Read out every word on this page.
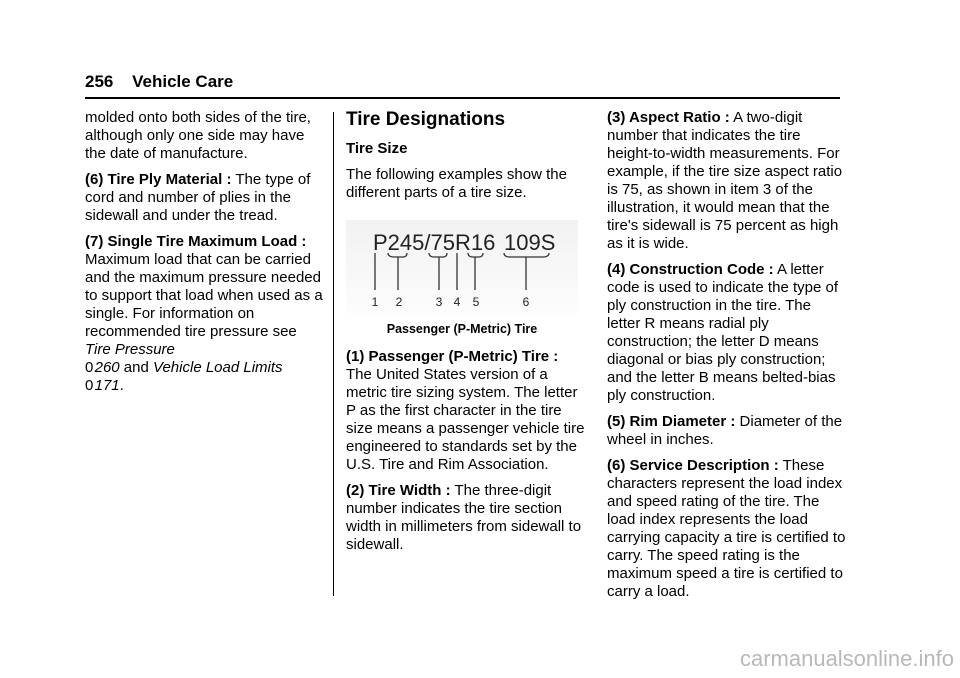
256 Vehicle Care

molded onto both sides of the tire, although only one side may have the date of manufacture.

(6) Tire Ply Material : The type of cord and number of plies in the sidewall and under the tread.

(7) Single Tire Maximum Load : Maximum load that can be carried and the maximum pressure needed to support that load when used as a single. For information on recommended tire pressure see Tire Pressure
0 260 and Vehicle Load Limits
0 171.

Tire Designations
Tire Size

The following examples show the different parts of a tire size.

P245/75R16 109S
1 2	3 4 5	6
Passenger (P-Metric) Tire

(1) Passenger (P-Metric) Tire : The United States version of a metric tire sizing system. The letter P as the first character in the tire size means a passenger vehicle tire engineered to standards set by the U.S. Tire and Rim Association.

(2) Tire Width : The three-digit number indicates the tire section width in millimeters from sidewall to sidewall.

(3) Aspect Ratio : A two-digit number that indicates the tire height-to-width measurements. For example, if the tire size aspect ratio is 75, as shown in item 3 of the illustration, it would mean that the tire's sidewall is 75 percent as high as it is wide.

(4) Construction Code : A letter code is used to indicate the type of ply construction in the tire. The letter R means radial ply construction; the letter D means diagonal or bias ply construction; and the letter B means belted-bias ply construction.

(5) Rim Diameter : Diameter of the wheel in inches.

(6) Service Description : These characters represent the load index and speed rating of the tire. The load index represents the load carrying capacity a tire is certified to carry. The speed rating is the maximum speed a tire is certified to carry a load.

carmanualsonline.info
